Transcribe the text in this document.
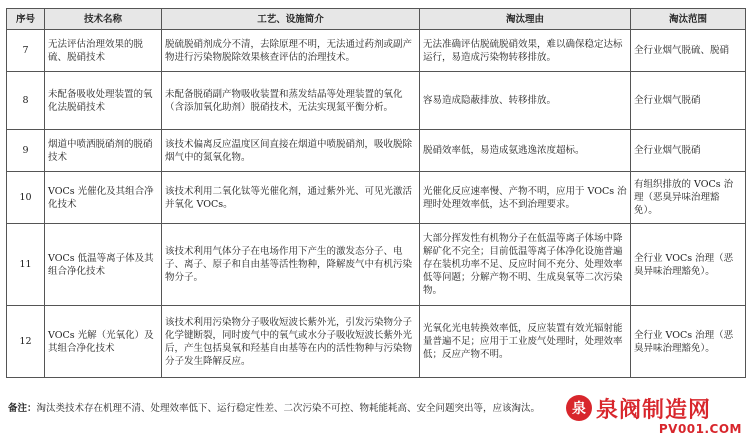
序号	技术名称	工艺、设施简介	淘汰理由	淘汰范围
7	无法评估治理效果的脱硫、脱硝技术	脱硫脱硝剂成分不清，去除原理不明，无法通过药剂或副产物进行污染物脱除效果核查评估的治理技术。	无法准确评估脱硫脱硝效果，难以确保稳定达标运行，易造成污染物转移排放。	全行业烟气脱硫、脱硝
8	未配备吸收处理装置的氧化法脱硝技术	未配备脱硝副产物吸收装置和蒸发结晶等处理装置的氧化（含添加氧化助剂）脱硝技术，无法实现氮平衡分析。	容易造成隐蔽排放、转移排放。	全行业烟气脱硝
9	烟道中喷洒脱硝剂的脱硝技术	该技术偏离反应温度区间直接在烟道中喷脱硝剂，吸收脱除烟气中的氮氧化物。	脱硝效率低，易造成氨逃逸浓度超标。	全行业烟气脱硝
10	VOCs 光催化及其组合净化技术	该技术利用二氧化钛等光催化剂，通过紫外光、可见光激活并氧化 VOCs。	光催化反应速率慢、产物不明，应用于 VOCs 治理时处理效率低，达不到治理要求。	有组织排放的 VOCs 治理（恶臭异味治理豁免）。
11	VOCs 低温等离子体及其组合净化技术	该技术利用气体分子在电场作用下产生的激发态分子、电子、离子、原子和自由基等活性物种，降解废气中有机污染物分子。	大部分挥发性有机物分子在低温等离子体场中降解矿化不完全；目前低温等离子体净化设施普遍存在装机功率不足、反应时间不充分、处理效率低等问题；分解产物不明、生成臭氧等二次污染物。	全行业 VOCs 治理（恶臭异味治理豁免）。
12	VOCs 光解（光氧化）及其组合净化技术	该技术利用污染物分子吸收短波长紫外光，引发污染物分子化学键断裂，同时废气中的氧气或水分子吸收短波长紫外光后，产生包括臭氧和羟基自由基等在内的活性物种与污染物分子发生降解反应。	光氧化光电转换效率低，反应装置有效光辐射能量普遍不足；应用于工业废气处理时，处理效率低；反应产物不明。	全行业 VOCs 治理（恶臭异味治理豁免）。
备注：淘汰类技术存在机理不清、处理效率低下、运行稳定性差、二次污染不可控、物耗能耗高、安全问题突出等，应该淘汰。	泉 泉阀制造网
PV001.COM
